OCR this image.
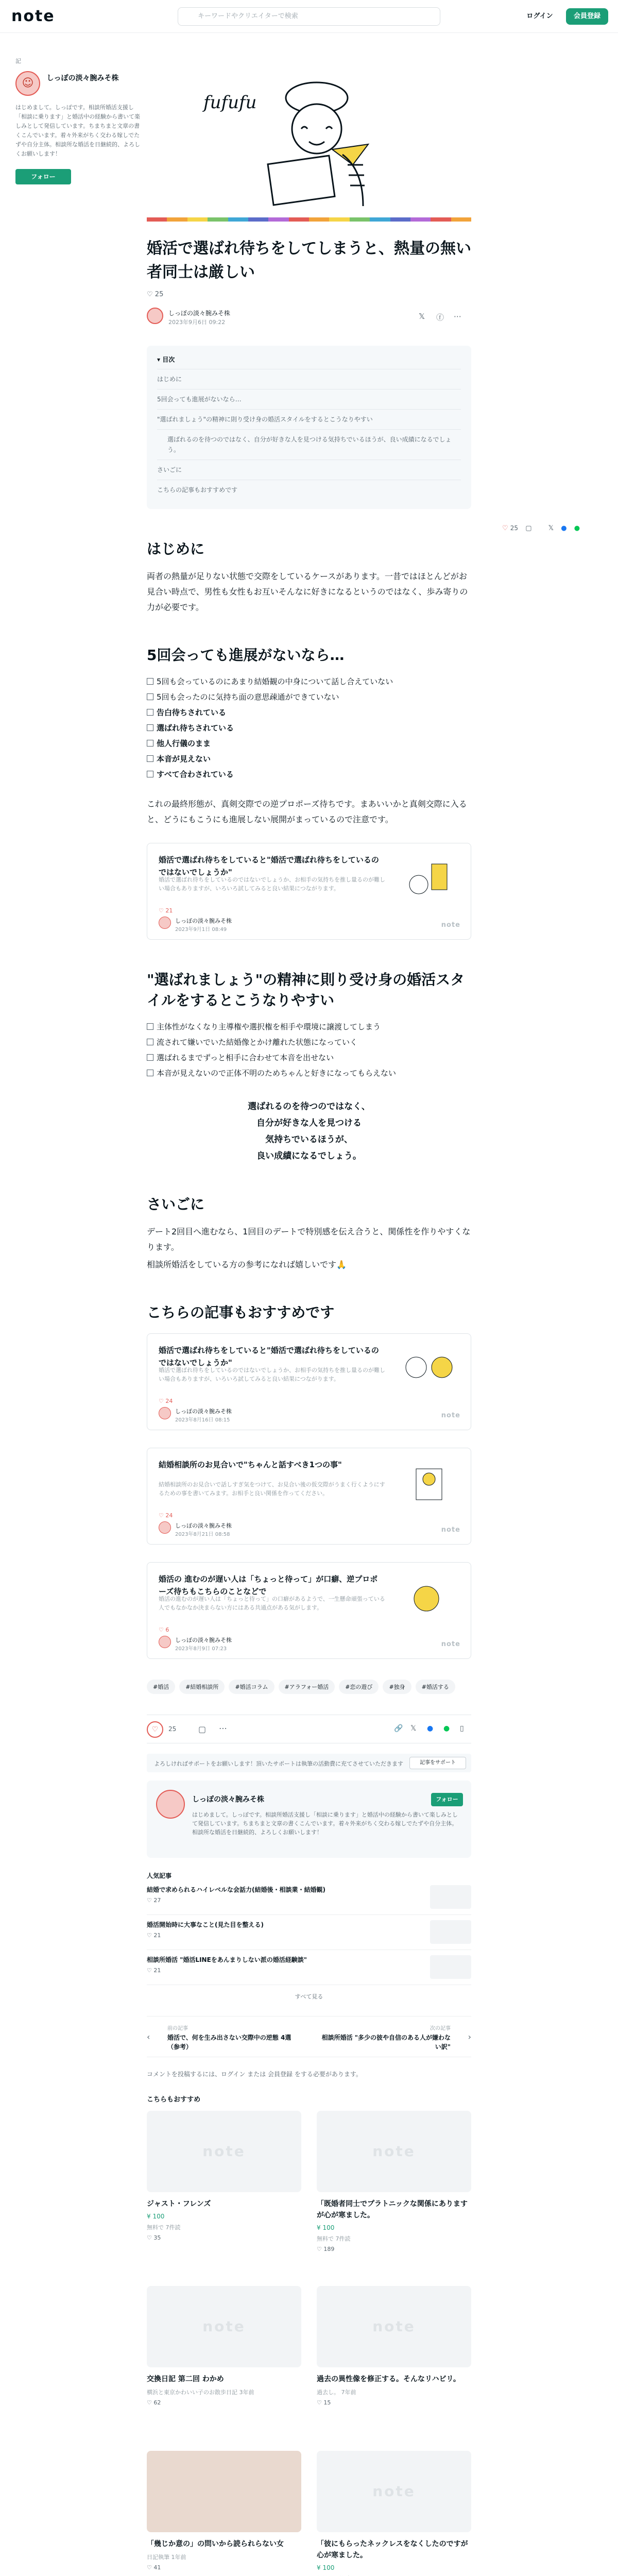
note	キーワードやクリエイターで検索	ログイン	会員登録
記
☺ しっぽの淡々腕みそ株
はじめまして。しっぽです。相談所婚活支援し「相談に乗ります」と婚活中の経験から書いて楽しみとして発信しています。ちまちまと文章の書くこんでいます。着々外来がちく交わる嫁しでたずや自分主体。相談所な婚活を日継続的、よろしくお願いします！
フォロー
♡ 25 ▢ 𝕏 ● ●
fufufu
婚活で選ばれ待ちをしてしまうと、熱量の無い者同士は厳しい
♡ 25
しっぽの淡々腕みそ株
2023年9月6日 09:22
𝕏 ⓕ ⋯
▾ 目次
はじめに
5回会っても進展がないなら…
"選ばれましょう"の精神に則り受け身の婚活スタイルをするとこうなりやすい
選ばれるのを待つのではなく、自分が好きな人を見つける気持ちでいるほうが、良い成績になるでしょう。
さいごに
こちらの記事もおすすめです
はじめに

両者の熱量が足りない状態で交際をしているケースがあります。一昔ではほとんどがお見合い時点で、男性も女性もお互いそんなに好きになるというのではなく、歩み寄りの力が必要です。

5回会っても進展がないなら…
5回も会っているのにあまり結婚観の中身について話し合えていない
5回も会ったのに気持ち面の意思疎通ができていない
告白待ちされている
選ばれ待ちされている
他人行儀のまま
本音が見えない
すべて合わされている

これの最終形態が、真剣交際での逆プロポーズ待ちです。まあいいかと真剣交際に入ると、どうにもこうにも進展しない展開がまっているので注意です。

婚活で選ばれ待ちをしていると"婚活で選ばれ待ちをしているのではないでしょうか"
婚活で選ばれ待ちをしているのではないでしょうか、お相手の気持ちを推し量るのが難しい場合もありますが、いろいろ試してみると良い結果につながります。
♡ 21
しっぽの淡々腕みそ株
2023年9月1日 08:49
note
"選ばれましょう"の精神に則り受け身の婚活スタイルをするとこうなりやすい
主体性がなくなり主導権や選択権を相手や環境に譲渡してしまう
流されて嫌いでいた結婚像とかけ離れた状態になっていく
選ばれるまでずっと相手に合わせて本音を出せない
本音が見えないので正体不明のためちゃんと好きになってもらえない
選ばれるのを待つのではなく、
自分が好きな人を見つける
気持ちでいるほうが、
良い成績になるでしょう。
さいごに

デート2回目へ進むなら、1回目のデートで特別感を伝え合うと、関係性を作りやすくなります。

相談所婚活をしている方の参考になれば嬉しいです🙏

こちらの記事もおすすめです
婚活で選ばれ待ちをしていると"婚活で選ばれ待ちをしているのではないでしょうか"
婚活で選ばれ待ちをしているのではないでしょうか、お相手の気持ちを推し量るのが難しい場合もありますが、いろいろ試してみると良い結果につながります。
♡ 24
しっぽの淡々腕みそ株
2023年8月16日 08:15
note
結婚相談所のお見合いで"ちゃんと話すべき1つの事"
結婚相談所のお見合いで話しすぎ気をつけて、お見合い後の仮交際がうまく行くようにするための事を書いてみます。お相手と良い関係を作ってください。
♡ 24
しっぽの淡々腕みそ株
2023年8月21日 08:58
note
婚活の 進むのが遅い人は「ちょっと待って」が口癖、逆プロポーズ待ちもこちらのことなどで
婚活の進むのが遅い人は「ちょっと待って」の口癖があるようで、一生懸命頑張っている人でもなかなか決まらない方にはある共通点がある気がします。
♡ 6
しっぽの淡々腕みそ株
2023年8月9日 07:23
note
#婚活	#結婚相談所	#婚活コラム	#アラフォー婚活	#恋の遊び	#独身	#婚活する
♡	25	▢ ⋯	🔗 𝕏 ● ● ▯
よろしければサポートをお願いします！頂いたサポートは執筆の活動費に充てさせていただきます	記事をサポート
しっぽの淡々腕みそ株	フォロー
はじめまして。しっぽです。相談所婚活支援し「相談に乗ります」と婚活中の経験から書いて楽しみとして発信しています。ちまちまと文章の書くこんでいます。着々外来がちく交わる嫁しでたずや自分主体。相談所な婚活を日継続的、よろしくお願いします！
人気記事
結婚で求められるハイレベルな会話力(結婚後・相談業・結婚観)
♡ 27
婚活開始時に大事なこと(見た目を整える)
♡ 21
相談所婚活 "婚活LINEをあんまりしない派の婚活経験談"
♡ 21
すべて見る
‹
前の記事
婚活で、何を生み出さない交際中の逆態 4選（参考）
次の記事
相談所婚活 "多少の彼や自信のある人が嫌わない訳"
›
コメントを投稿するには、ログイン または 会員登録 をする必要があります。
こちらもおすすめ
note
ジャスト・フレンズ
¥ 100
無料で 7件読
♡ 35
note
「既婚者同士でプラトニックな関係にありますが心が寒ました。
¥ 100
無料で 7件読
♡ 189
note
交換日記 第二回 わかめ
横浜と東京かわいい子のお散歩日記 3年前
♡ 62
note
過去の異性像を修正する。そんなリハビリ。
過去し。 7年前
♡ 15
「幾じか意の」の問いから読られらない女
日記執筆 1年前
♡ 41
note
「彼にもらったネックレスをなくしたのですが心が寒ました。
¥ 100
